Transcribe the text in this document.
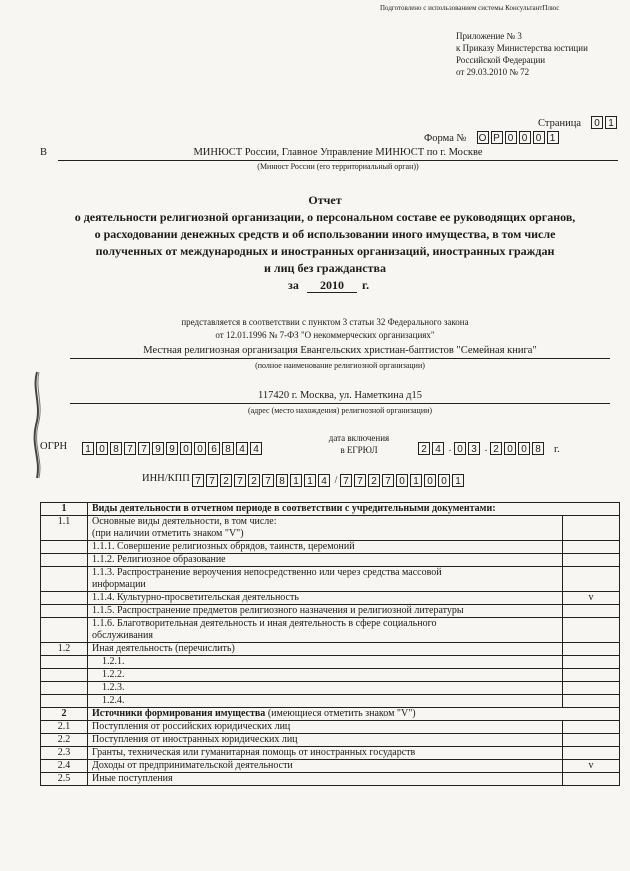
Подготовлено с использованием системы КонсультантПлюс
Приложение № 3
к Приказу Министерства юстиции
Российской Федерации
от 29.03.2010 № 72
Страница 0 1
Форма № О Р 0 0 0 1
В	МИНЮСТ России, Главное Управление МИНЮСТ по г. Москве
(Минюст России (его территориальный орган))
Отчет
о деятельности религиозной организации, о персональном составе ее руководящих органов,
о расходовании денежных средств и об использовании иного имущества, в том числе
полученных от международных и иностранных организаций, иностранных граждан
и лиц без гражданства
за	2010	г.
представляется в соответствии с пунктом 3 статьи 32 Федерального закона
от 12.01.1996 № 7-ФЗ "О некоммерческих организациях"
Местная религиозная организация Евангельских христиан-баптистов "Семейная книга"
(полное наименование религиозной организации)
117420 г. Москва, ул. Наметкина д15
(адрес (место нахождения) религиозной организации)
ОГРН	1 0 8 7 7 9 9 0 0 6 8 4 4
дата включения
в ЕГРЮЛ	2 4 . 0 3 . 2 0 0 8 г.
ИНН/КПП 7 7 2 7 2 7 8 1 1 4 / 7 7 2 7 0 1 0 0 1
1	Виды деятельности в отчетном периоде в соответствии с учредительными документами:	
1.1	Основные виды деятельности, в том числе:
(при наличии отметить знаком "V")	

	1.1.1. Совершение религиозных обрядов, таинств, церемоний	
	1.1.2. Религиозное образование	

	1.1.3. Распространение вероучения непосредственно или через средства массовой
информации	

	1.1.4. Культурно-просветительская деятельность	v
	1.1.5. Распространение предметов религиозного назначения и религиозной литературы	

	1.1.6. Благотворительная деятельность и иная деятельность в сфере социального
обслуживания	

1.2	Иная деятельность (перечислить)	
	1.2.1.	
	1.2.2.	
	1.2.3.	
	1.2.4.	
2	Источники формирования имущества (имеющиеся отметить знаком "V")	
2.1	Поступления от российских юридических лиц	
2.2	Поступления от иностранных юридических лиц	
2.3	Гранты, техническая или гуманитарная помощь от иностранных государств	
2.4	Доходы от предпринимательской деятельности	v
2.5	Иные поступления	
